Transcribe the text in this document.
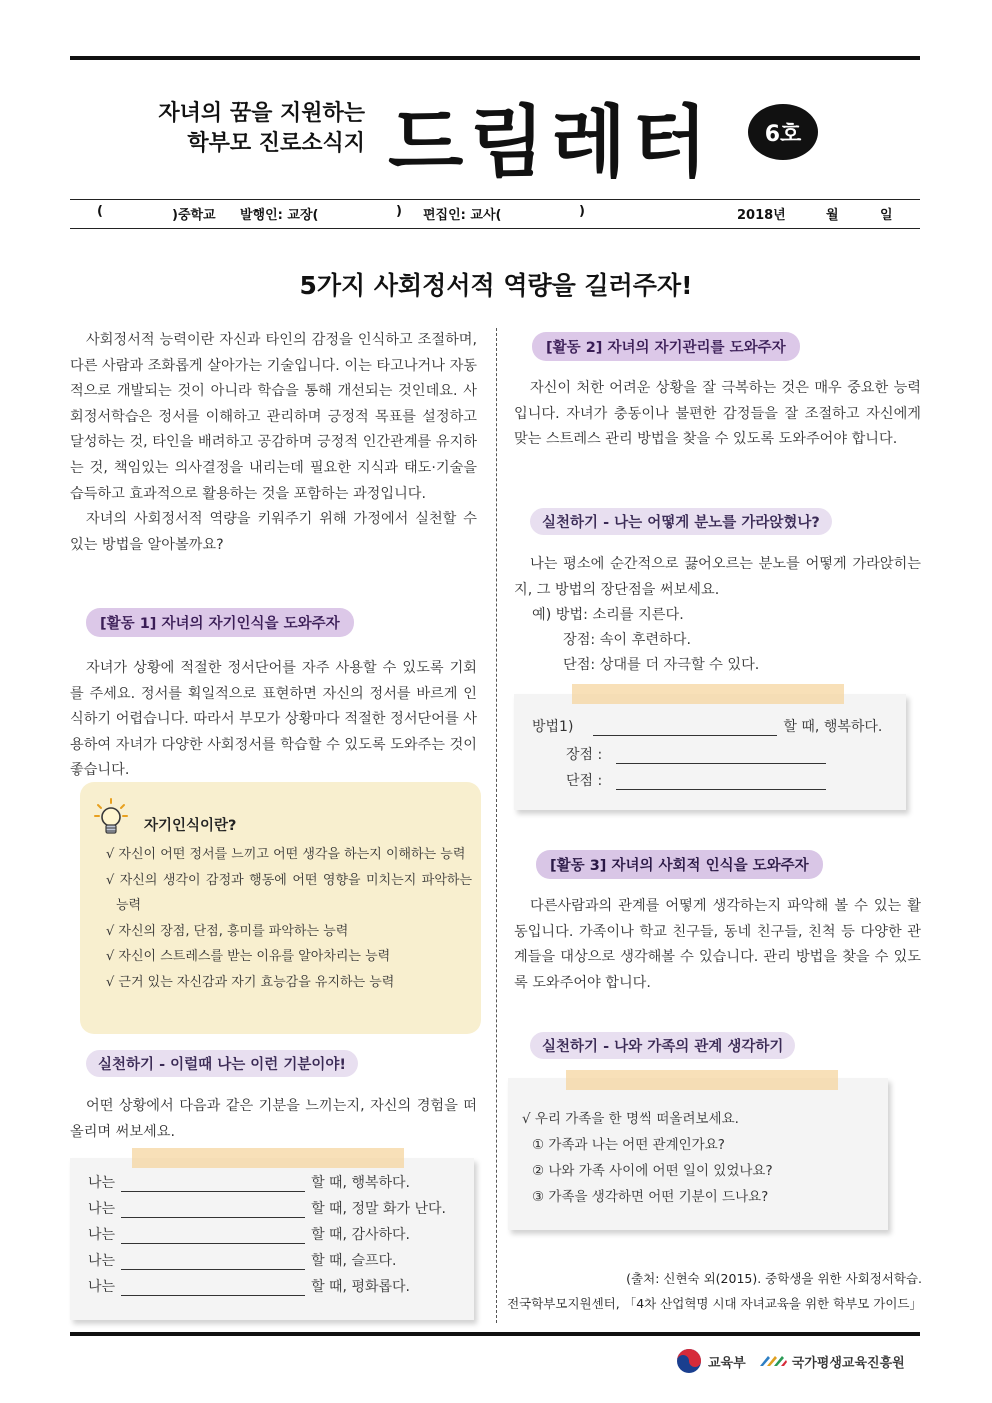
자녀의 꿈을 지원하는
학부모 진로소식지 드림레터	6호
(	)중학교 발행인: 교장(	) 편집인: 교사(	)	2018년	월	일
5가지 사회정서적 역량을 길러주자!

사회정서적 능력이란 자신과 타인의 감정을 인식하고 조절하며, 다른 사람과 조화롭게 살아가는 기술입니다. 이는 타고나거나 자동적으로 개발되는 것이 아니라 학습을 통해 개선되는 것인데요. 사회정서학습은 정서를 이해하고 관리하며 긍정적 목표를 설정하고 달성하는 것, 타인을 배려하고 공감하며 긍정적 인간관계를 유지하는 것, 책임있는 의사결정을 내리는데 필요한 지식과 태도·기술을 습득하고 효과적으로 활용하는 것을 포함하는 과정입니다.

자녀의 사회정서적 역량을 키워주기 위해 가정에서 실천할 수 있는 방법을 알아볼까요?

[활동 1] 자녀의 자기인식을 도와주자

자녀가 상황에 적절한 정서단어를 자주 사용할 수 있도록 기회를 주세요. 정서를 획일적으로 표현하면 자신의 정서를 바르게 인식하기 어렵습니다. 따라서 부모가 상황마다 적절한 정서단어를 사용하여 자녀가 다양한 사회정서를 학습할 수 있도록 도와주는 것이 좋습니다.

자기인식이란?
√ 자신이 어떤 정서를 느끼고 어떤 생각을 하는지 이해하는 능력
√ 자신의 생각이 감정과 행동에 어떤 영향을 미치는지 파악하는 능력
√ 자신의 장점, 단점, 흥미를 파악하는 능력
√ 자신이 스트레스를 받는 이유를 알아차리는 능력
√ 근거 있는 자신감과 자기 효능감을 유지하는 능력
실천하기 - 이럴때 나는 이런 기분이야!

어떤 상황에서 다음과 같은 기분을 느끼는지, 자신의 경험을 떠올리며 써보세요.

나는	할 때, 행복하다.
나는	할 때, 정말 화가 난다.
나는	할 때, 감사하다.
나는	할 때, 슬프다.
나는	할 때, 평화롭다.
[활동 2] 자녀의 자기관리를 도와주자

자신이 처한 어려운 상황을 잘 극복하는 것은 매우 중요한 능력입니다. 자녀가 충동이나 불편한 감정들을 잘 조절하고 자신에게 맞는 스트레스 관리 방법을 찾을 수 있도록 도와주어야 합니다.

실천하기 - 나는 어떻게 분노를 가라앉혔나?

나는 평소에 순간적으로 끓어오르는 분노를 어떻게 가라앉히는지, 그 방법의 장단점을 써보세요.

예) 방법: 소리를 지른다.
장점: 속이 후련하다.
단점: 상대를 더 자극할 수 있다.
방법1)	할 때, 행복하다.
장점 :
단점 :
[활동 3] 자녀의 사회적 인식을 도와주자

다른사람과의 관계를 어떻게 생각하는지 파악해 볼 수 있는 활동입니다. 가족이나 학교 친구들, 동네 친구들, 친척 등 다양한 관계들을 대상으로 생각해볼 수 있습니다. 관리 방법을 찾을 수 있도록 도와주어야 합니다.

실천하기 - 나와 가족의 관계 생각하기
√ 우리 가족을 한 명씩 떠올려보세요.
① 가족과 나는 어떤 관계인가요?
② 나와 가족 사이에 어떤 일이 있었나요?
③ 가족을 생각하면 어떤 기분이 드나요?
(출처: 신현숙 외(2015). 중학생을 위한 사회정서학습.
전국학부모지원센터, 「4차 산업혁명 시대 자녀교육을 위한 학부모 가이드」
교육부	국가평생교육진흥원
